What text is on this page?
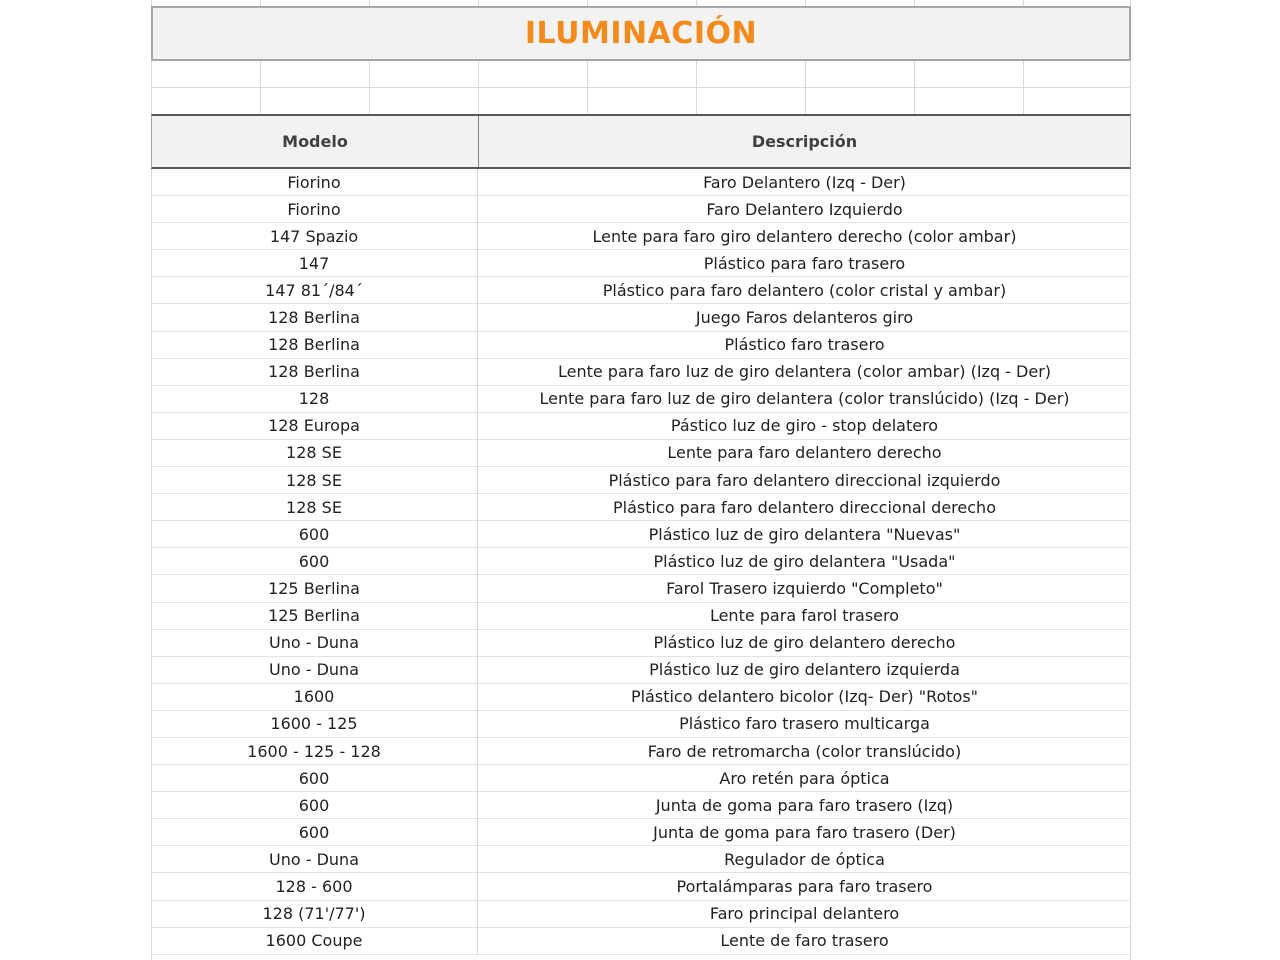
ILUMINACIÓN
Modelo	Descripción
Fiorino	Faro Delantero (Izq - Der)
Fiorino	Faro Delantero Izquierdo
147 Spazio	Lente para faro giro delantero derecho (color ambar)
147	Plástico para faro trasero
147 81´/84´	Plástico para faro delantero (color cristal y ambar)
128 Berlina	Juego Faros delanteros giro
128 Berlina	Plástico faro trasero
128 Berlina	Lente para faro luz de giro delantera (color ambar) (Izq - Der)
128	Lente para faro luz de giro delantera (color translúcido) (Izq - Der)
128 Europa	Pástico luz de giro - stop delatero
128 SE	Lente para faro delantero derecho
128 SE	Plástico para faro delantero direccional izquierdo
128 SE	Plástico para faro delantero direccional derecho
600	Plástico luz de giro delantera "Nuevas"
600	Plástico luz de giro delantera "Usada"
125 Berlina	Farol Trasero izquierdo "Completo"
125 Berlina	Lente para farol trasero
Uno - Duna	Plástico luz de giro delantero derecho
Uno - Duna	Plástico luz de giro delantero izquierda
1600	Plástico delantero bicolor (Izq- Der) "Rotos"
1600 - 125	Plástico faro trasero multicarga
1600 - 125 - 128	Faro de retromarcha (color translúcido)
600	Aro retén para óptica
600	Junta de goma para faro trasero (Izq)
600	Junta de goma para faro trasero (Der)
Uno - Duna	Regulador de óptica
128 - 600	Portalámparas para faro trasero
128 (71'/77')	Faro principal delantero
1600 Coupe	Lente de faro trasero
